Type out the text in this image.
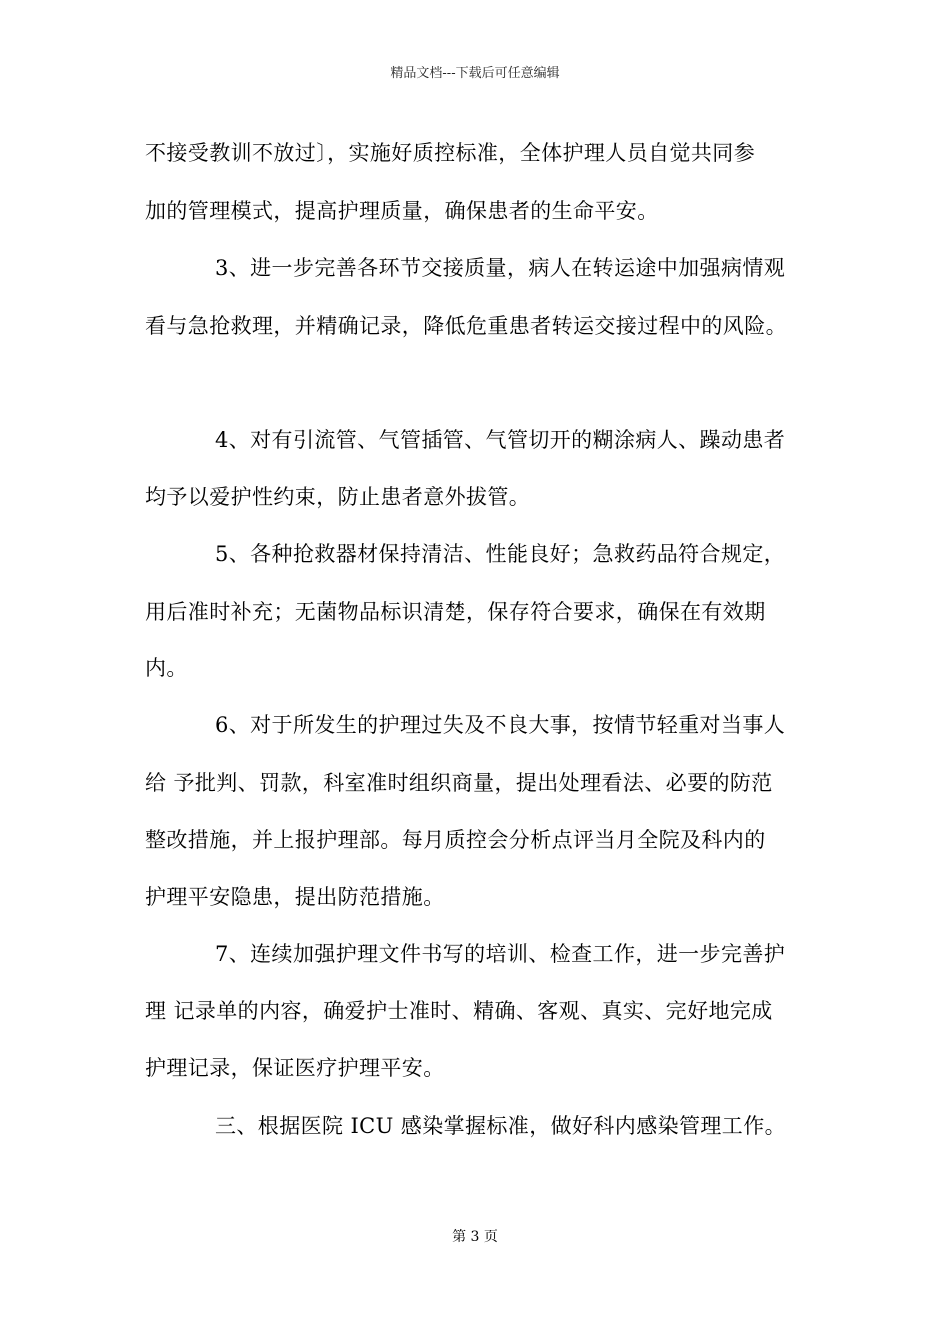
精品文档---下载后可任意编辑
不接受教训不放过〕，实施好质控标准，全体护理人员自觉共同参
加的管理模式，提高护理质量，确保患者的生命平安。
3、进一步完善各环节交接质量，病人在转运途中加强病情观
看与急抢救理，并精确记录，降低危重患者转运交接过程中的风险。
4、对有引流管、气管插管、气管切开的糊涂病人、躁动患者
均予以爱护性约束，防止患者意外拔管。
5、各种抢救器材保持清洁、性能良好；急救药品符合规定，
用后准时补充；无菌物品标识清楚，保存符合要求，确保在有效期
内。
6、对于所发生的护理过失及不良大事，按情节轻重对当事人
给 予批判、罚款，科室准时组织商量，提出处理看法、必要的防范
整改措施，并上报护理部。每月质控会分析点评当月全院及科内的
护理平安隐患，提出防范措施。
7、连续加强护理文件书写的培训、检查工作，进一步完善护
理 记录单的内容，确爱护士准时、精确、客观、真实、完好地完成
护理记录，保证医疗护理平安。
三、根据医院 ICU 感染掌握标准，做好科内感染管理工作。
第 3 页
